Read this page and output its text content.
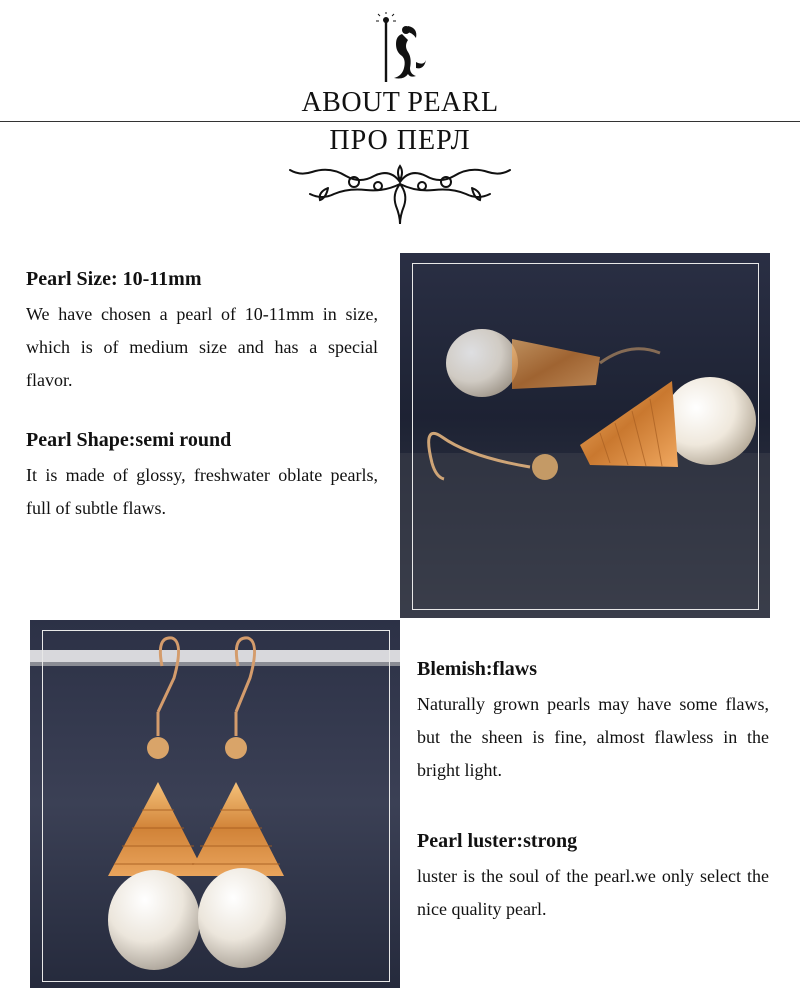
ABOUT PEARL
ПРО ПЕРЛ
Pearl Size: 10-11mm

We have chosen a pearl of 10-11mm in size, which is of medium size and has a special flavor.

Pearl Shape:semi round

It is made of glossy, freshwater oblate pearls, full of subtle flaws.

Blemish:flaws

Naturally grown pearls may have some flaws, but the sheen is fine, almost flawless in the bright light.

Pearl luster:strong

luster is the soul of the pearl.we only select the nice quality pearl.
